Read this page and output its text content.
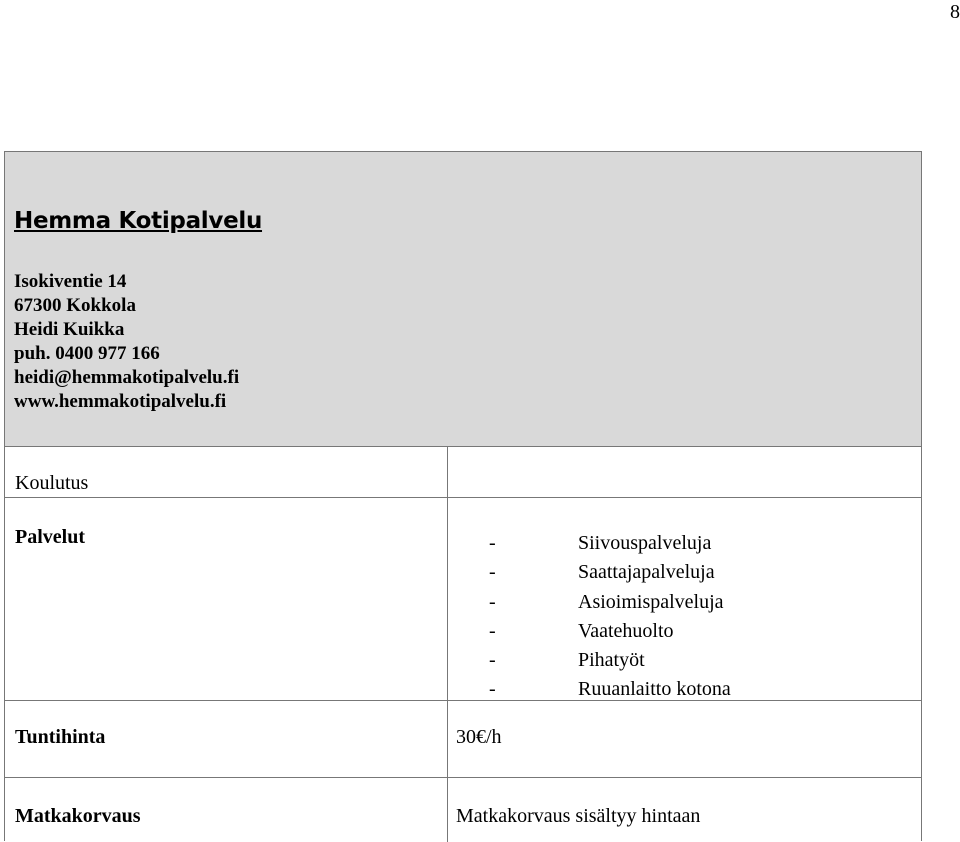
8
Hemma Kotipalvelu
Isokiventie 14
67300 Kokkola
Heidi Kuikka
puh. 0400 977 166
heidi@hemmakotipalvelu.fi
www.hemmakotipalvelu.fi
Koulutus
Palvelut	-	Siivouspalveluja
-	Saattajapalveluja
-	Asioimispalveluja
-	Vaatehuolto
-	Pihatyöt
-	Ruuanlaitto kotona
Tuntihinta	30€/h
Matkakorvaus	Matkakorvaus sisältyy hintaan
